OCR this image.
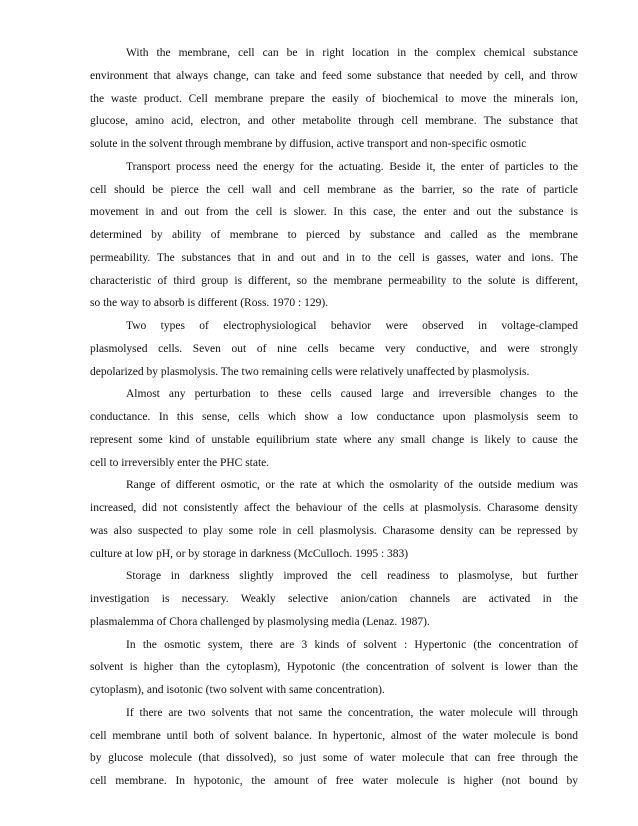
With the membrane, cell can be in right location in the complex chemical substance
environment that always change, can take and feed some substance that needed by cell, and throw
the waste product. Cell membrane prepare the easily of biochemical to move the minerals ion,
glucose, amino acid, electron, and other metabolite through cell membrane. The substance that
solute in the solvent through membrane by diffusion, active transport and non-specific osmotic
Transport process need the energy for the actuating. Beside it, the enter of particles to the
cell should be pierce the cell wall and cell membrane as the barrier, so the rate of particle
movement in and out from the cell is slower. In this case, the enter and out the substance is
determined by ability of membrane to pierced by substance and called as the membrane
permeability. The substances that in and out and in to the cell is gasses, water and ions. The
characteristic of third group is different, so the membrane permeability to the solute is different,
so the way to absorb is different (Ross. 1970 : 129).
Two types of electrophysiological behavior were observed in voltage-clamped
plasmolysed cells. Seven out of nine cells became very conductive, and were strongly
depolarized by plasmolysis. The two remaining cells were relatively unaffected by plasmolysis.
Almost any perturbation to these cells caused large and irreversible changes to the
conductance. In this sense, cells which show a low conductance upon plasmolysis seem to
represent some kind of unstable equilibrium state where any small change is likely to cause the
cell to irreversibly enter the PHC state.
Range of different osmotic, or the rate at which the osmolarity of the outside medium was
increased, did not consistently affect the behaviour of the cells at plasmolysis. Charasome density
was also suspected to play some role in cell plasmolysis. Charasome density can be repressed by
culture at low pH, or by storage in darkness (McCulloch. 1995 : 383)
Storage in darkness slightly improved the cell readiness to plasmolyse, but further
investigation is necessary. Weakly selective anion/cation channels are activated in the
plasmalemma of Chora challenged by plasmolysing media (Lenaz. 1987).
In the osmotic system, there are 3 kinds of solvent : Hypertonic (the concentration of
solvent is higher than the cytoplasm), Hypotonic (the concentration of solvent is lower than the
cytoplasm), and isotonic (two solvent with same concentration).
If there are two solvents that not same the concentration, the water molecule will through
cell membrane until both of solvent balance. In hypertonic, almost of the water molecule is bond
by glucose molecule (that dissolved), so just some of water molecule that can free through the
cell membrane. In hypotonic, the amount of free water molecule is higher (not bound by
